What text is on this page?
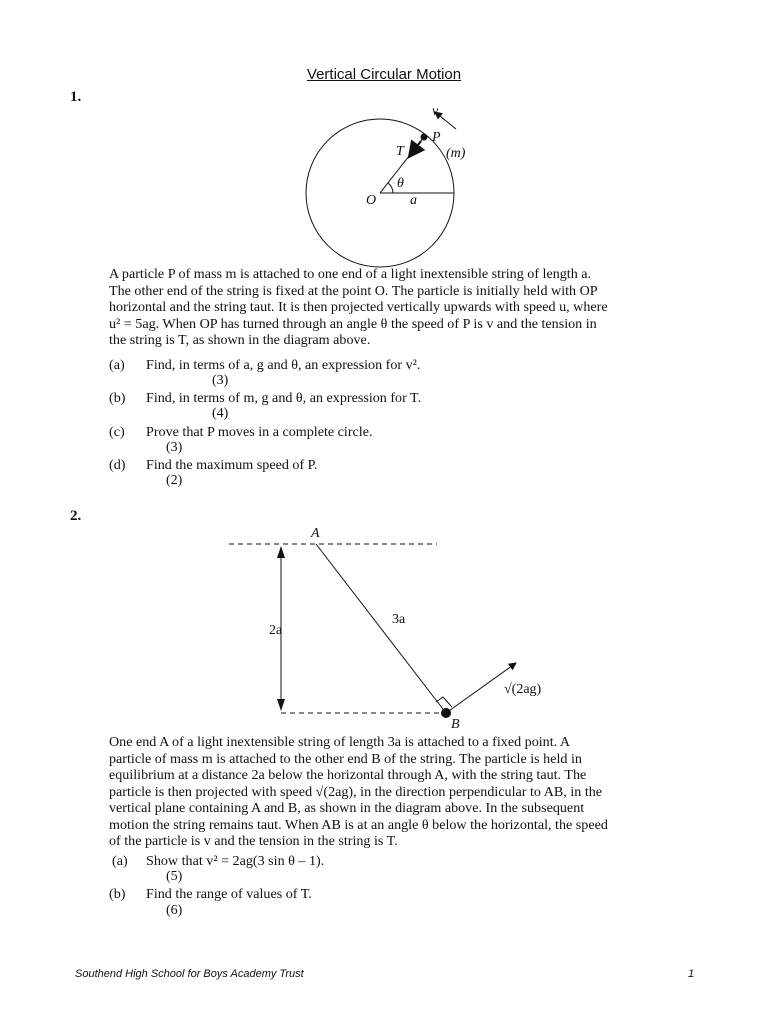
Vertical Circular Motion
1.
v
P
(m)
T
θ
O a
A
B
2a
3a
√(2ag)

A particle P of mass m is attached to one end of a light inextensible string of length a.

The other end of the string is fixed at the point O. The particle is initially held with OP

horizontal and the string taut. It is then projected vertically upwards with speed u, where

u² = 5ag. When OP has turned through an angle θ the speed of P is v and the tension in

the string is T, as shown in the diagram above.

(a) Find, in terms of a, g and θ, an expression for v².
(3)
(b) Find, in terms of m, g and θ, an expression for T.
(4)
(c) Prove that P moves in a complete circle.
(3)
(d) Find the maximum speed of P.
(2)
2.

One end A of a light inextensible string of length 3a is attached to a fixed point. A

particle of mass m is attached to the other end B of the string. The particle is held in

equilibrium at a distance 2a below the horizontal through A, with the string taut. The

particle is then projected with speed √(2ag), in the direction perpendicular to AB, in the

vertical plane containing A and B, as shown in the diagram above. In the subsequent

motion the string remains taut. When AB is at an angle θ below the horizontal, the speed

of the particle is v and the tension in the string is T.

(a) Show that v² = 2ag(3 sin θ – 1).
(5)
(b) Find the range of values of T.
(6)
Southend High School for Boys Academy Trust	1
